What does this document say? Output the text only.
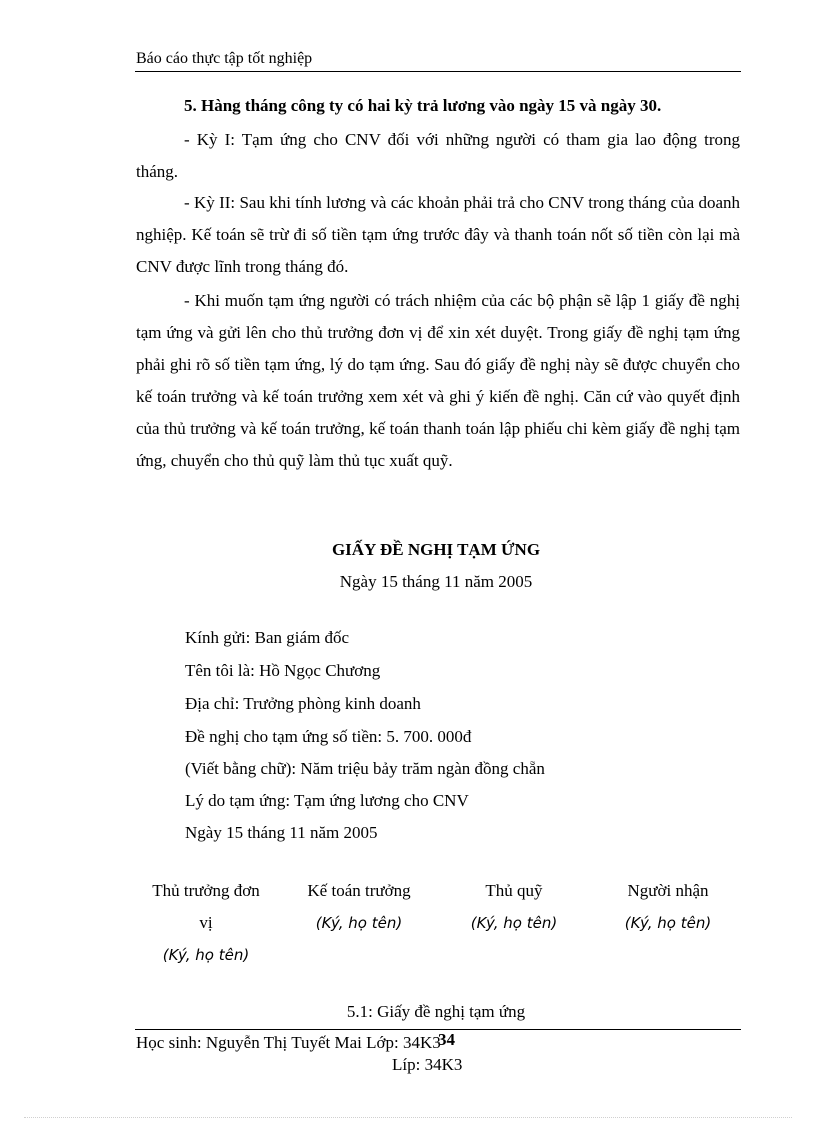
Báo cáo thực tập tốt nghiệp
5. Hàng tháng công ty có hai kỳ trả lương vào ngày 15 và ngày 30.
- Kỳ I: Tạm ứng cho CNV đối với những người có tham gia lao động trong tháng.
- Kỳ II: Sau khi tính lương và các khoản phải trả cho CNV trong tháng của doanh nghiệp. Kế toán sẽ trừ đi số tiền tạm ứng trước đây và thanh toán nốt số tiền còn lại mà CNV được lĩnh trong tháng đó.
- Khi muốn tạm ứng người có trách nhiệm của các bộ phận sẽ lập 1 giấy đề nghị tạm ứng và gửi lên cho thủ trưởng đơn vị để xin xét duyệt. Trong giấy đề nghị tạm ứng phải ghi rõ số tiền tạm ứng, lý do tạm ứng. Sau đó giấy đề nghị này sẽ được chuyển cho kế toán trưởng và kế toán trưởng xem xét và ghi ý kiến đề nghị. Căn cứ vào quyết định của thủ trưởng và kế toán trưởng, kế toán thanh toán lập phiếu chi kèm giấy đề nghị tạm ứng, chuyển cho thủ quỹ làm thủ tục xuất quỹ.
GIẤY ĐỀ NGHỊ TẠM ỨNG
Ngày 15 tháng 11 năm 2005
Kính gửi: Ban giám đốc
Tên tôi là: Hồ Ngọc Chương
Địa chỉ: Trưởng phòng kinh doanh
Đề nghị cho tạm ứng số tiền: 5. 700. 000đ
(Viết bằng chữ): Năm triệu bảy trăm ngàn đồng chẵn
Lý do tạm ứng: Tạm ứng lương cho CNV
Ngày 15 tháng 11 năm 2005
Thủ trưởng đơn
vị
(Ký, họ tên)
Kế toán trưởng
(Ký, họ tên)
Thủ quỹ
(Ký, họ tên)
Người nhận
(Ký, họ tên)
5.1: Giấy đề nghị tạm ứng
Học sinh: Nguyễn Thị Tuyết Mai Lớp: 34K3
34
Líp: 34K3
